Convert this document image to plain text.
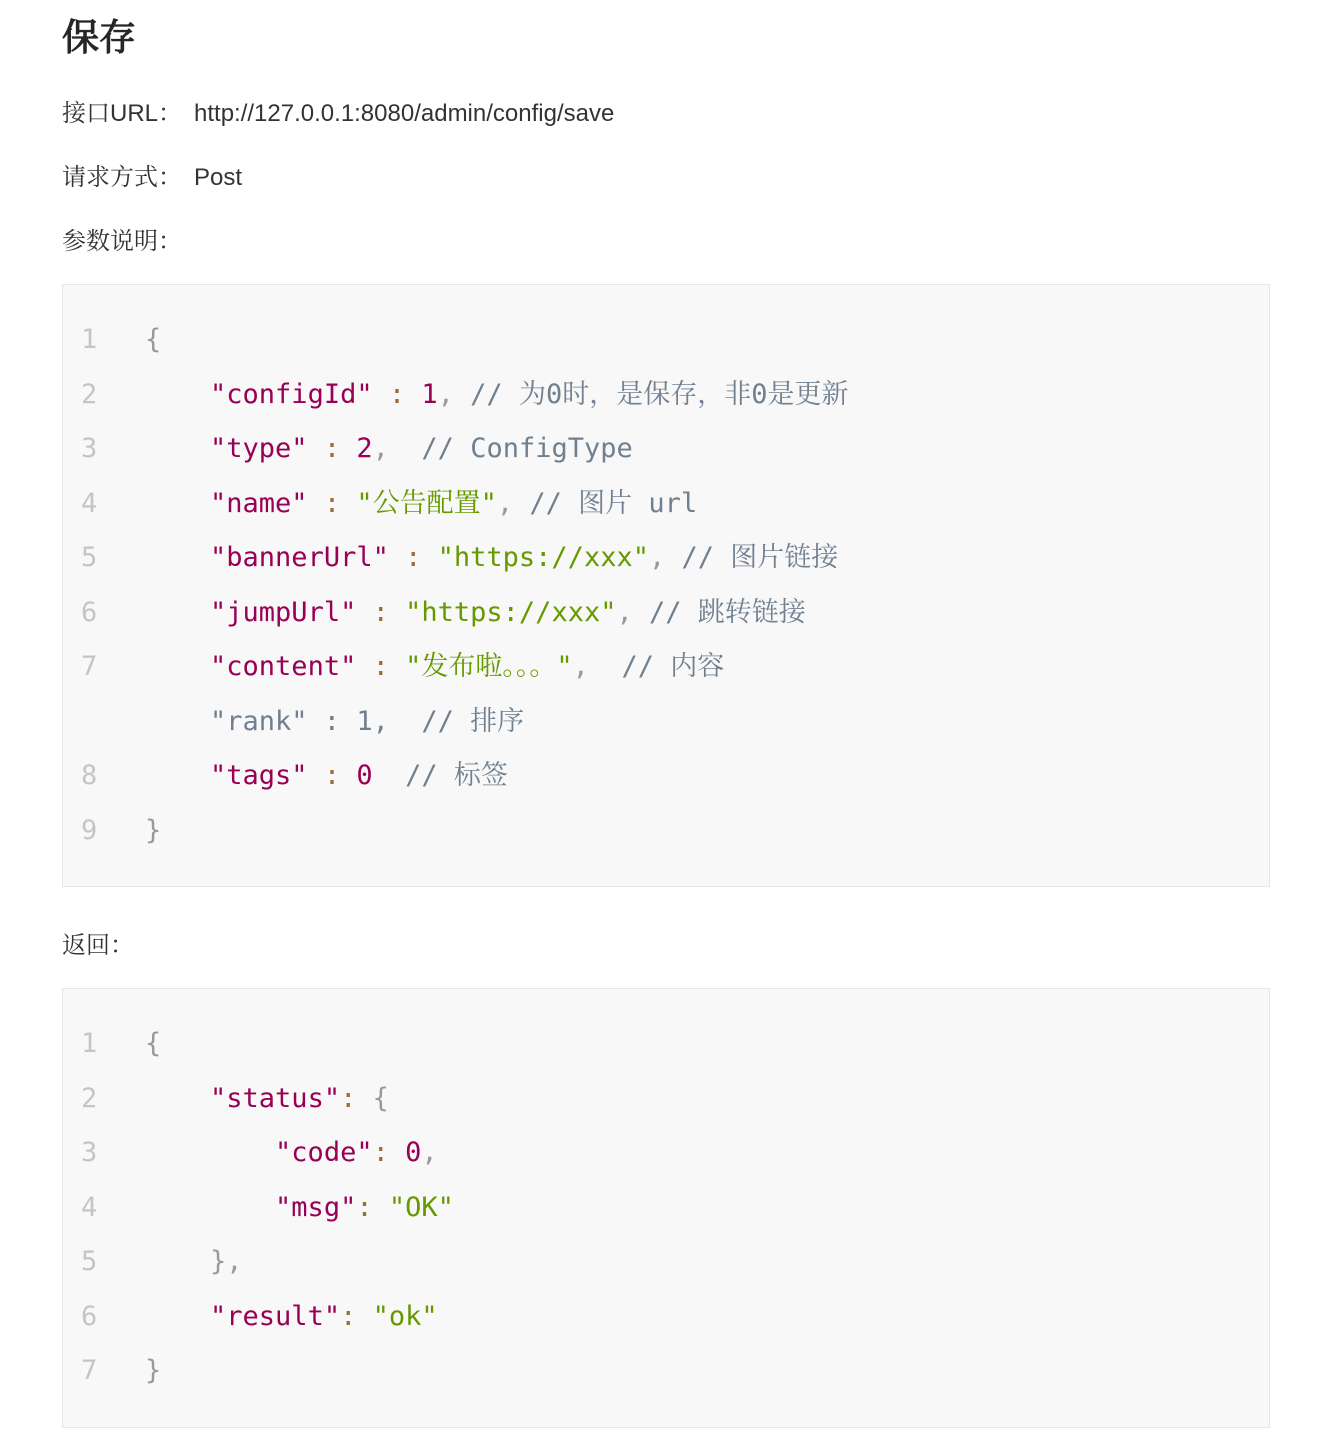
保存

接口URL： http://127.0.0.1:8080/admin/config/save

请求方式： Post

参数说明：

1	{
2	"configId" : 1, // 为0时，是保存，非0是更新
3	"type" : 2,  // ConfigType
4	"name" : "公告配置", // 图片 url
5	"bannerUrl" : "https://xxx", // 图片链接
6	"jumpUrl" : "https://xxx", // 跳转链接
7	"content" : "发布啦。。。",  // 内容
"rank" : 1,  // 排序
8	"tags" : 0 // 标签
9	}

返回：

1	{
2	"status": {
3	"code": 0,
4	"msg": "OK"
5	},
6	"result": "ok"
7	}
